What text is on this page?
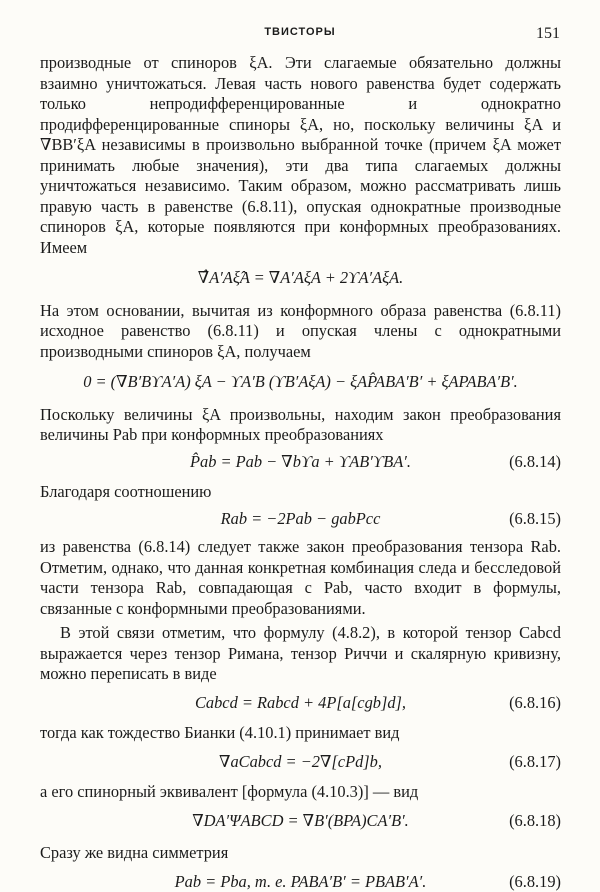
ТВИСТОРЫ	151

производные от спиноров ξA. Эти слагаемые обязательно должны взаимно уничтожаться. Левая часть нового равенства будет содержать только непродифференцированные и однократно продифференцированные спиноры ξA, но, поскольку величины ξA и ∇BB′ξA независимы в произвольно выбранной точке (причем ξA может принимать любые значения), эти два типа слагаемых должны уничтожаться независимо. Таким образом, можно рассматривать лишь правую часть в равенстве (6.8.11), опуская однократные производные спиноров ξA, которые появляются при конформных преобразованиях. Имеем

∇̂A′Aξ̂A = ∇A′AξA + 2ϒA′AξA.

На этом основании, вычитая из конформного образа равенства (6.8.11) исходное равенство (6.8.11) и опуская члены с однократными производными спиноров ξA, получаем

0 = (∇B′BϒA′A) ξA − ϒA′B (ϒB′AξA) − ξAP̂ABA′B′ + ξAPABA′B′.

Поскольку величины ξA произвольны, находим закон преобразования величины Pab при конформных преобразованиях

P̂ab = Pab − ∇bϒa + ϒAB′ϒBA′.	(6.8.14)

Благодаря соотношению

Rab = −2Pab − gabPcc	(6.8.15)

из равенства (6.8.14) следует также закон преобразования тензора Rab. Отметим, однако, что данная конкретная комбинация следа и бесследовой части тензора Rab, совпадающая с Pab, часто входит в формулы, связанные с конформными преобразованиями.

В этой связи отметим, что формулу (4.8.2), в которой тензор Cabcd выражается через тензор Римана, тензор Риччи и скалярную кривизну, можно переписать в виде

Cabcd = Rabcd + 4P[a[cgb]d],	(6.8.16)

тогда как тождество Бианки (4.10.1) принимает вид

∇aCabcd = −2∇[cPd]b,	(6.8.17)

а его спинорный эквивалент [формула (4.10.3)] — вид

∇DA′ΨABCD = ∇B′(BPA)CA′B′.	(6.8.18)

Сразу же видна симметрия

Pab = Pba, т. е. PABA′B′ = PBAB′A′.	(6.8.19)
